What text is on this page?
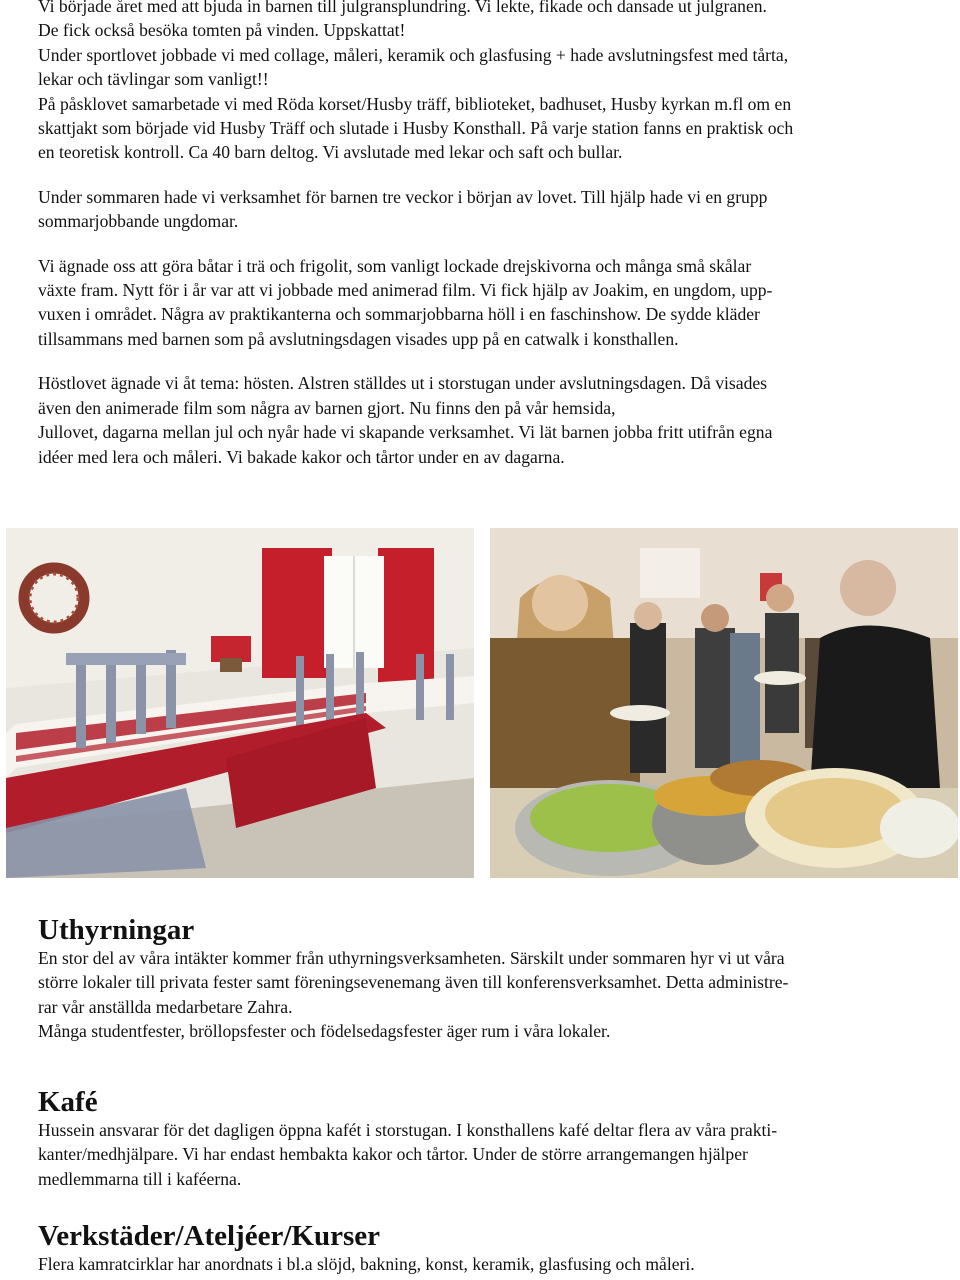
Vi började året med att bjuda in barnen till julgransplundring. Vi lekte, fikade och dansade ut julgranen.
De fick också besöka tomten på vinden. Uppskattat!
Under sportlovet jobbade vi med collage, måleri, keramik och glasfusing + hade avslutningsfest med tårta,
lekar och tävlingar som vanligt!!
På påsklovet samarbetade vi med Röda korset/Husby träff, biblioteket, badhuset, Husby kyrkan m.fl om en
skattjakt som började vid Husby Träff och slutade i Husby Konsthall. På varje station fanns en praktisk och
en teoretisk kontroll. Ca 40 barn deltog. Vi avslutade med lekar och saft och bullar.

Under sommaren hade vi verksamhet för barnen tre veckor i början av lovet. Till hjälp hade vi en grupp
sommarjobbande ungdomar.

Vi ägnade oss att göra båtar i trä och frigolit, som vanligt lockade drejskivorna och många små skålar
växte fram. Nytt för i år var att vi jobbade med animerad film. Vi fick hjälp av Joakim, en ungdom, upp-
vuxen i området. Några av praktikanterna och sommarjobbarna höll i en faschinshow. De sydde kläder
tillsammans med barnen som på avslutningsdagen visades upp på en catwalk i konsthallen.

Höstlovet ägnade vi åt tema: hösten. Alstren ställdes ut i storstugan under avslutningsdagen. Då visades
även den animerade film som några av barnen gjort. Nu finns den på vår hemsida,
Jullovet, dagarna mellan jul och nyår hade vi skapande verksamhet. Vi lät barnen jobba fritt utifrån egna
idéer med lera och måleri. Vi bakade kakor och tårtor under en av dagarna.

Uthyrningar

En stor del av våra intäkter kommer från uthyrningsverksamheten. Särskilt under sommaren hyr vi ut våra
större lokaler till privata fester samt föreningsevenemang även till konferensverksamhet. Detta administre-
rar vår anställda medarbetare Zahra.
Många studentfester, bröllopsfester och födelsedagsfester äger rum i våra lokaler.

Kafé

Hussein ansvarar för det dagligen öppna kafét i storstugan. I konsthallens kafé deltar flera av våra prakti-
kanter/medhjälpare. Vi har endast hembakta kakor och tårtor. Under de större arrangemangen hjälper
medlemmarna till i kaféerna.

Verkstäder/Ateljéer/Kurser

Flera kamratcirklar har anordnats i bl.a slöjd, bakning, konst, keramik, glasfusing och måleri.
